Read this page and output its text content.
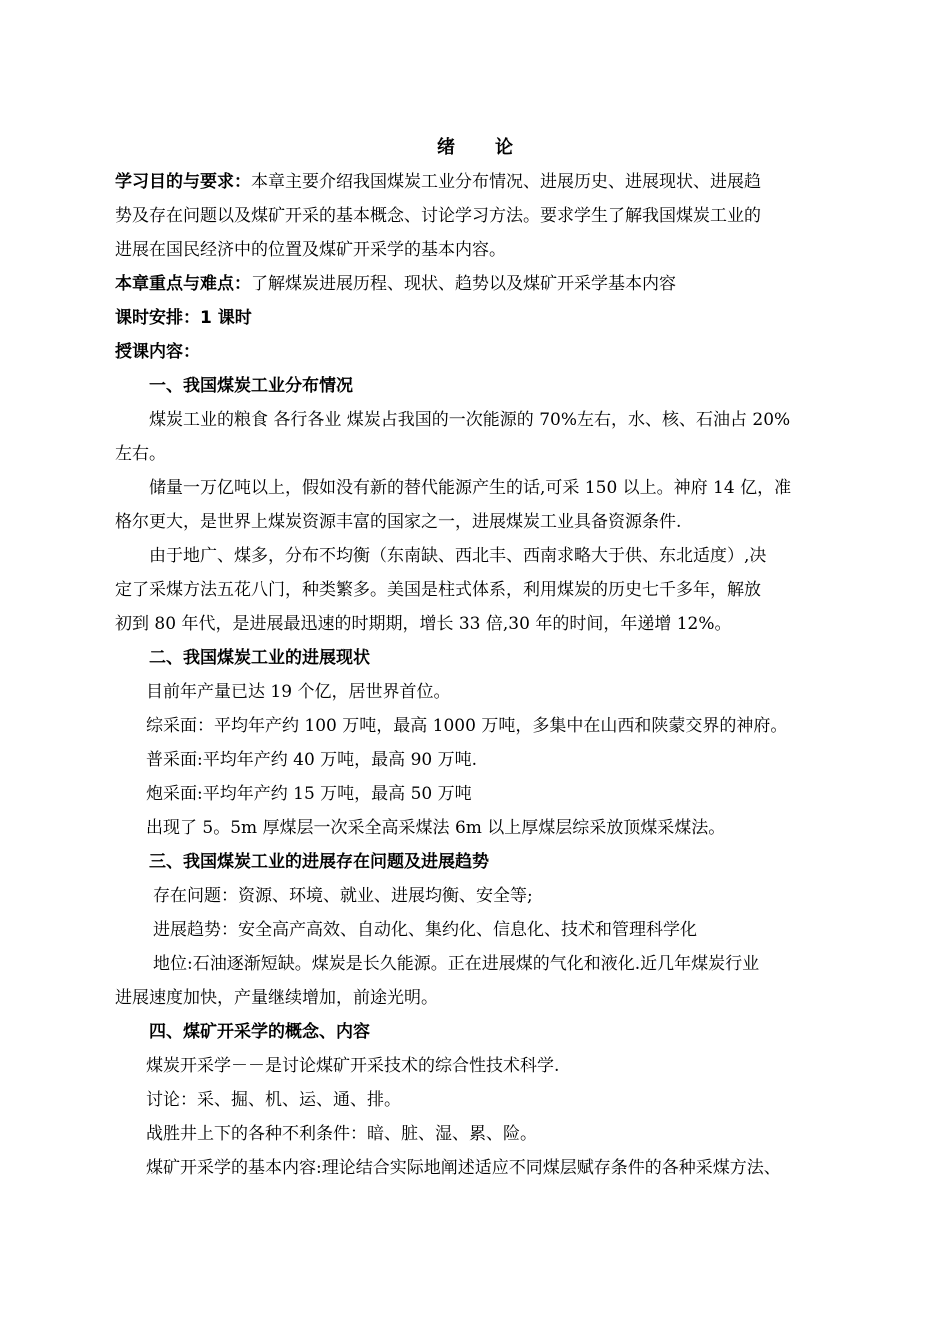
绪 论
学习目的与要求：本章主要介绍我国煤炭工业分布情况、进展历史、进展现状、进展趋
势及存在问题以及煤矿开采的基本概念、讨论学习方法。要求学生了解我国煤炭工业的
进展在国民经济中的位置及煤矿开采学的基本内容。
本章重点与难点：了解煤炭进展历程、现状、趋势以及煤矿开采学基本内容
课时安排：1 课时
授课内容：
一、我国煤炭工业分布情况
煤炭工业的粮食 各行各业 煤炭占我国的一次能源的 70%左右，水、核、石油占 20%
左右。
储量一万亿吨以上，假如没有新的替代能源产生的话,可采 150 以上。神府 14 亿，准
格尔更大，是世界上煤炭资源丰富的国家之一，进展煤炭工业具备资源条件.
由于地广、煤多，分布不均衡（东南缺、西北丰、西南求略大于供、东北适度）,决
定了采煤方法五花八门，种类繁多。美国是柱式体系，利用煤炭的历史七千多年，解放
初到 80 年代，是进展最迅速的时期期，增长 33 倍,30 年的时间，年递增 12%。
二、我国煤炭工业的进展现状
目前年产量已达 19 个亿，居世界首位。
综采面：平均年产约 100 万吨，最高 1000 万吨，多集中在山西和陕蒙交界的神府。
普采面:平均年产约 40 万吨，最高 90 万吨.
炮采面:平均年产约 15 万吨，最高 50 万吨
出现了 5。5m 厚煤层一次采全高采煤法 6m 以上厚煤层综采放顶煤采煤法。
三、我国煤炭工业的进展存在问题及进展趋势
存在问题：资源、环境、就业、进展均衡、安全等;
进展趋势：安全高产高效、自动化、集约化、信息化、技术和管理科学化
地位:石油逐渐短缺。煤炭是长久能源。正在进展煤的气化和液化.近几年煤炭行业
进展速度加快，产量继续增加，前途光明。
四、煤矿开采学的概念、内容
煤炭开采学－－是讨论煤矿开采技术的综合性技术科学.
讨论：采、掘、机、运、通、排。
战胜井上下的各种不利条件：暗、脏、湿、累、险。
煤矿开采学的基本内容:理论结合实际地阐述适应不同煤层赋存条件的各种采煤方法、
